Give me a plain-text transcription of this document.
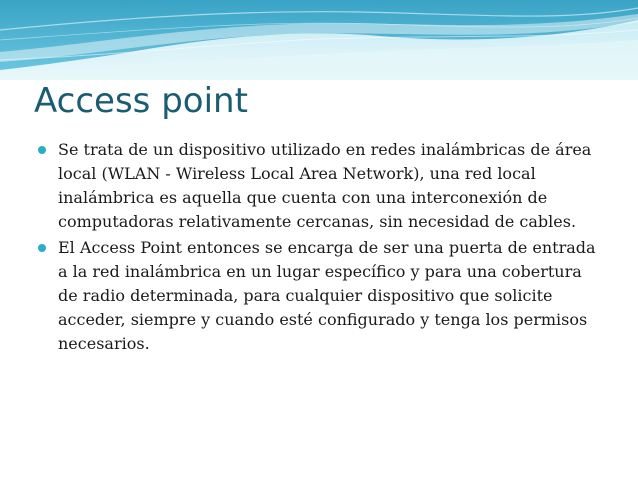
Access point
Se trata de un dispositivo utilizado en redes inalámbricas de área local (WLAN - Wireless Local Area Network), una red local inalámbrica es aquella que cuenta con una interconexión de computadoras relativamente cercanas, sin necesidad de cables.
El Access Point entonces se encarga de ser una puerta de entrada a la red inalámbrica en un lugar específico y para una cobertura de radio determinada, para cualquier dispositivo que solicite acceder, siempre y cuando esté configurado y tenga los permisos necesarios.
